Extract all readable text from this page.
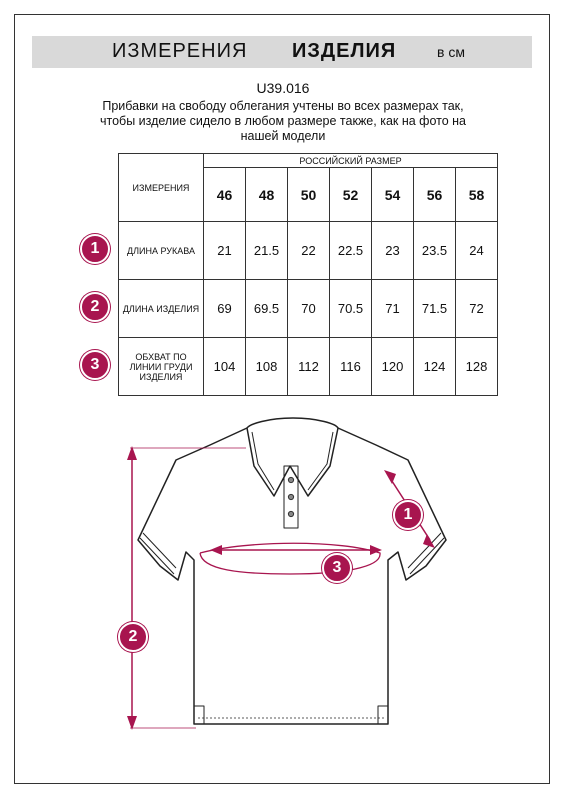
ИЗМЕРЕНИЯ ИЗДЕЛИЯ	в см
U39.016
Прибавки на свободу облегания учтены во всех размерах так, чтобы изделие сидело в любом размере также, как на фото на нашей модели
ИЗМЕРЕНИЯ	РОССИЙСКИЙ РАЗМЕР						
	46	48	50	52	54	56	58
ДЛИНА РУКАВА	21	21.5	22	22.5	23	23.5	24
ДЛИНА ИЗДЕЛИЯ	69	69.5	70	70.5	71	71.5	72
ОБХВАТ ПО ЛИНИИ ГРУДИ ИЗДЕЛИЯ	104	108	112	116	120	124	128
1
2
3
1
2
3
